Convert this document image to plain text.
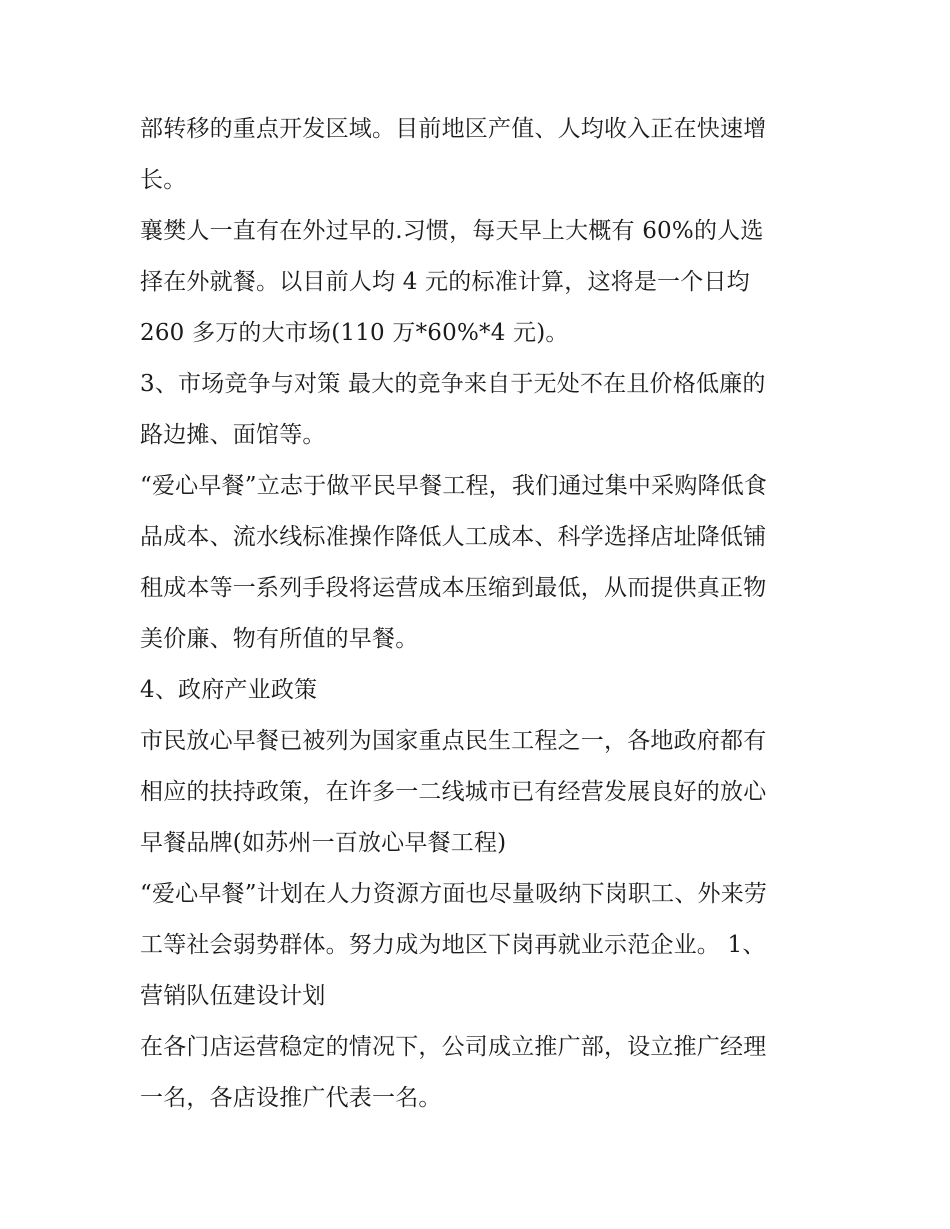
部转移的重点开发区域。目前地区产值、人均收入正在快速增
长。
襄樊人一直有在外过早的.习惯，每天早上大概有 60%的人选
择在外就餐。以目前人均 4 元的标准计算，这将是一个日均
260 多万的大市场(110 万*60%*4 元)。
3、市场竞争与对策 最大的竞争来自于无处不在且价格低廉的
路边摊、面馆等。
“爱心早餐”立志于做平民早餐工程，我们通过集中采购降低食
品成本、流水线标准操作降低人工成本、科学选择店址降低铺
租成本等一系列手段将运营成本压缩到最低，从而提供真正物
美价廉、物有所值的早餐。
4、政府产业政策
市民放心早餐已被列为国家重点民生工程之一，各地政府都有
相应的扶持政策，在许多一二线城市已有经营发展良好的放心
早餐品牌(如苏州一百放心早餐工程)
“爱心早餐”计划在人力资源方面也尽量吸纳下岗职工、外来劳
工等社会弱势群体。努力成为地区下岗再就业示范企业。 1、
营销队伍建设计划
在各门店运营稳定的情况下，公司成立推广部，设立推广经理
一名，各店设推广代表一名。
